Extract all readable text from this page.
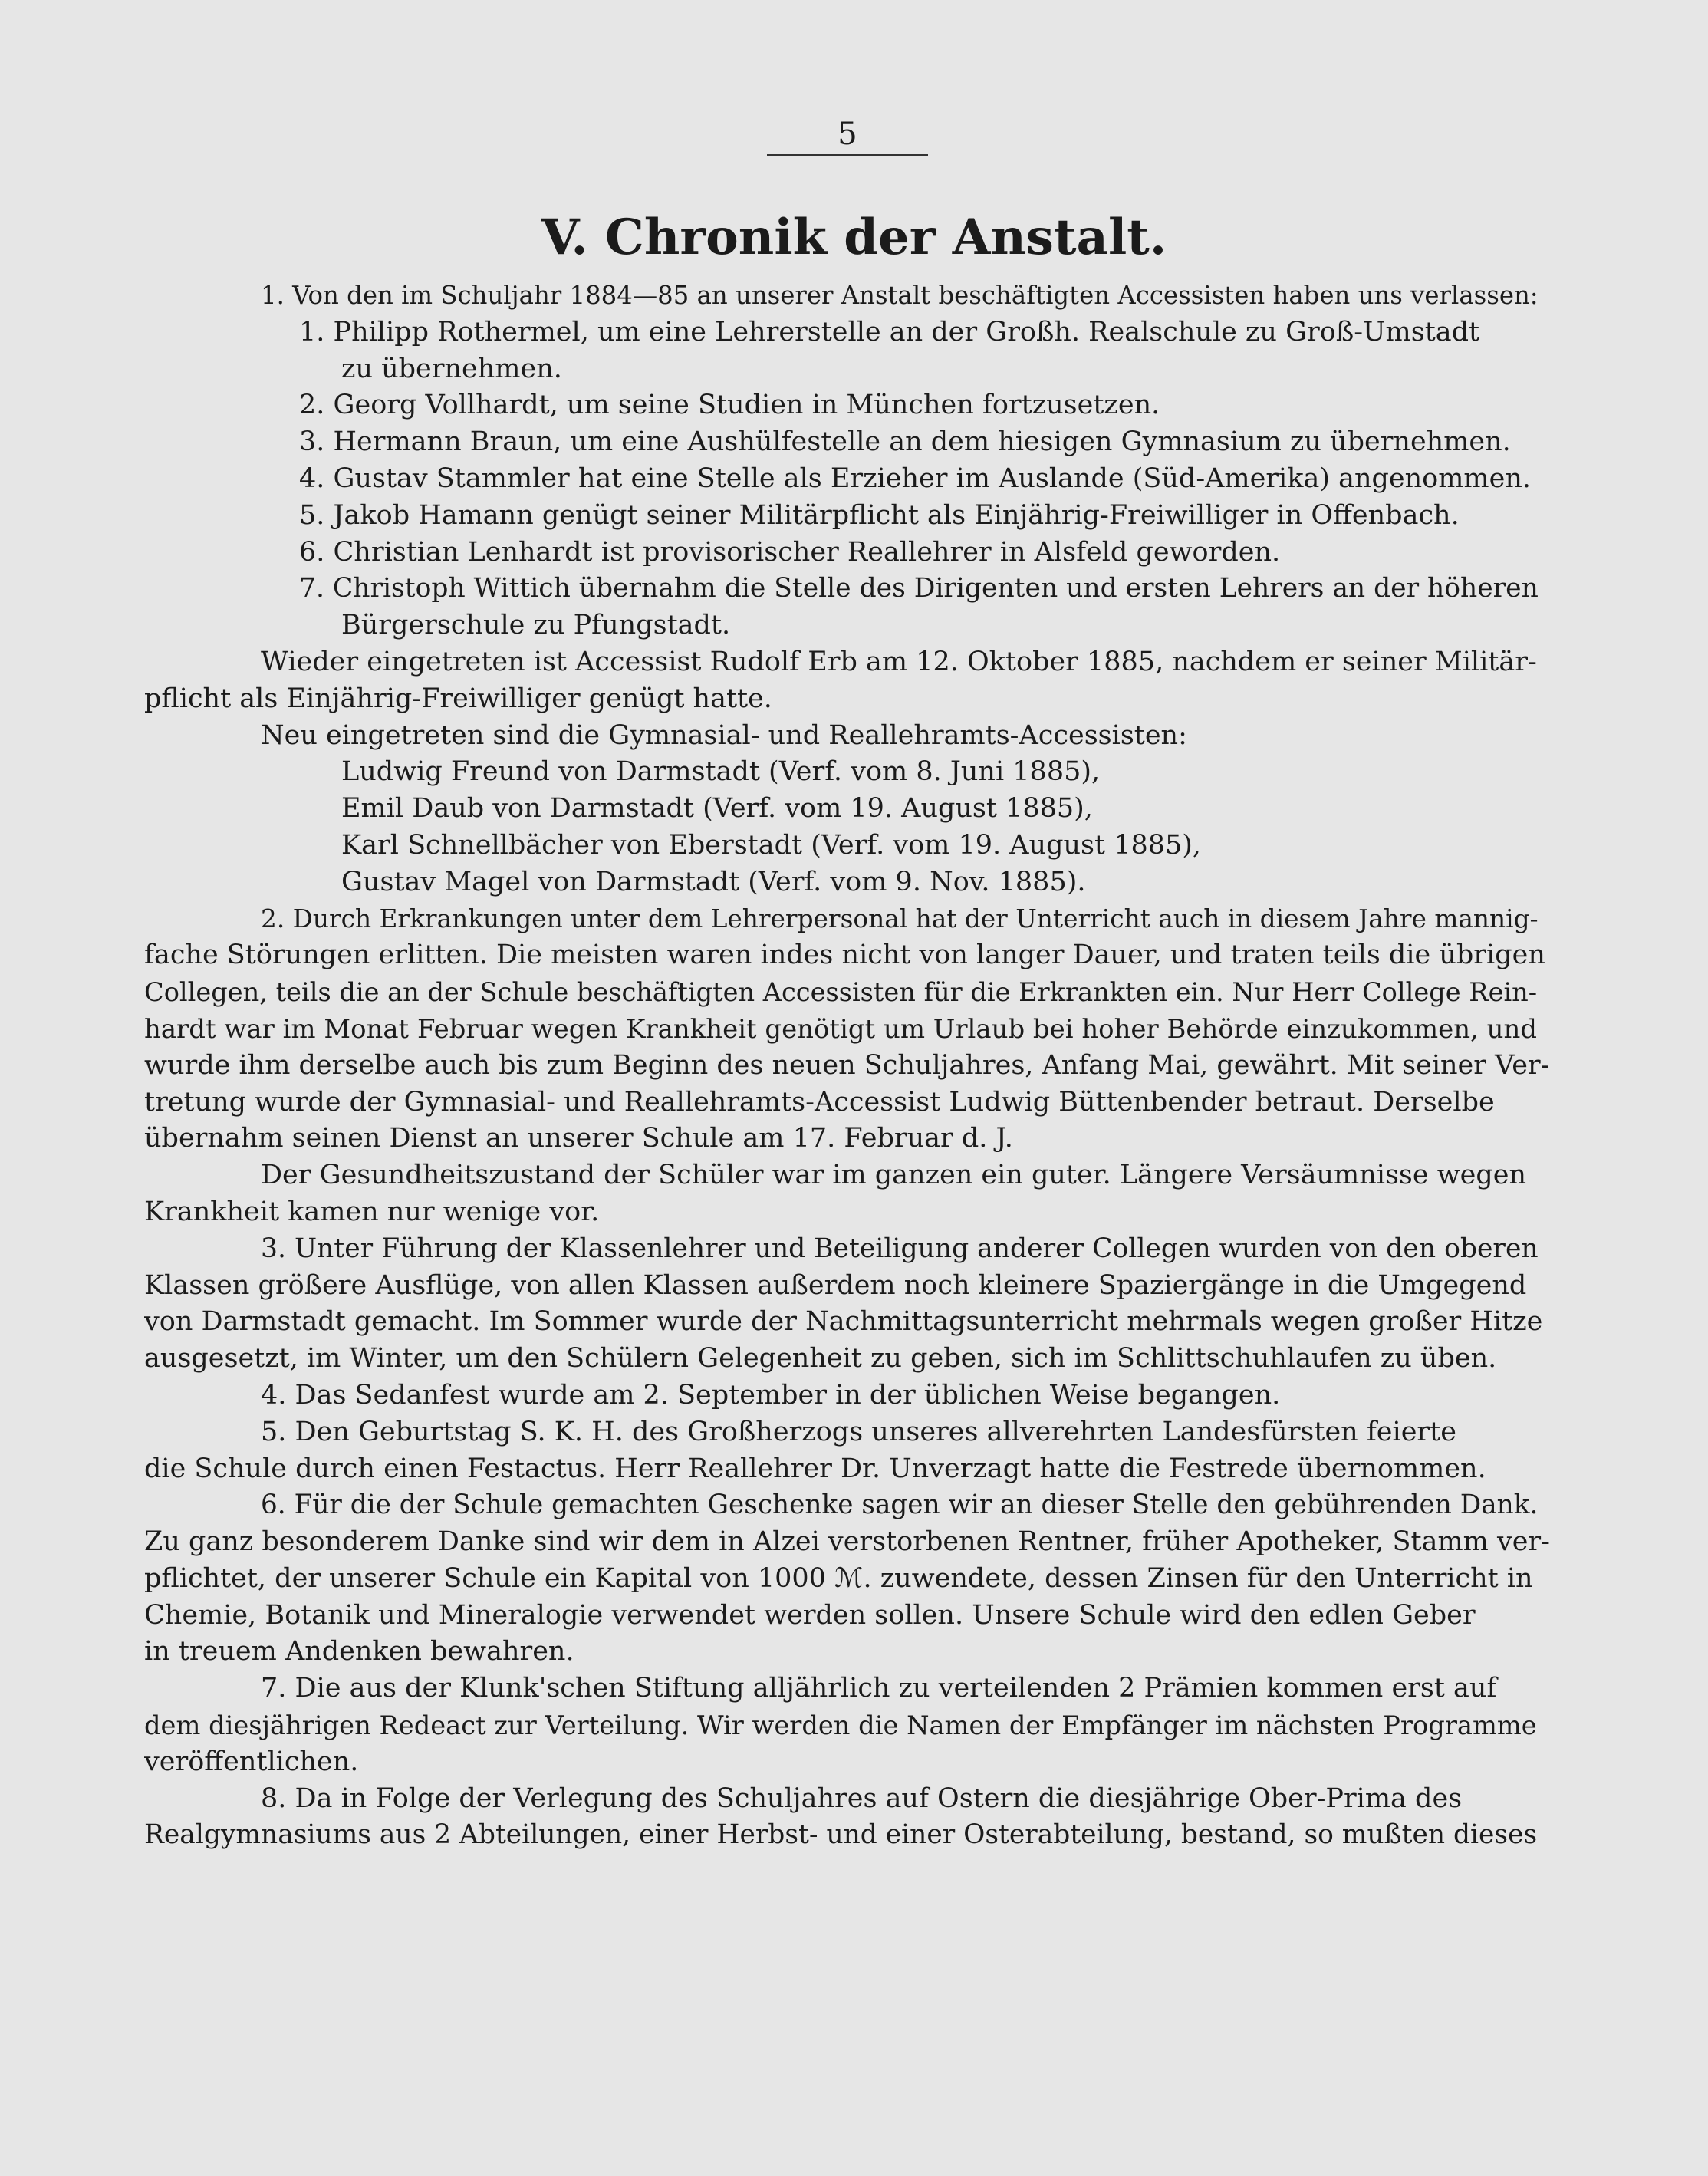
5
V. Chronik der Anstalt.
1. Von den im Schuljahr 1884—85 an unserer Anstalt beschäftigten Accessisten haben uns verlassen:
1. Philipp Rothermel, um eine Lehrerstelle an der Großh. Realschule zu Groß-Umstadt
zu übernehmen.
2. Georg Vollhardt, um seine Studien in München fortzusetzen.
3. Hermann Braun, um eine Aushülfestelle an dem hiesigen Gymnasium zu übernehmen.
4. Gustav Stammler hat eine Stelle als Erzieher im Auslande (Süd-Amerika) angenommen.
5. Jakob Hamann genügt seiner Militärpflicht als Einjährig-Freiwilliger in Offenbach.
6. Christian Lenhardt ist provisorischer Reallehrer in Alsfeld geworden.
7. Christoph Wittich übernahm die Stelle des Dirigenten und ersten Lehrers an der höheren
Bürgerschule zu Pfungstadt.
Wieder eingetreten ist Accessist Rudolf Erb am 12. Oktober 1885, nachdem er seiner Militär-
pflicht als Einjährig-Freiwilliger genügt hatte.
Neu eingetreten sind die Gymnasial- und Reallehramts-Accessisten:
Ludwig Freund von Darmstadt (Verf. vom 8. Juni 1885),
Emil Daub von Darmstadt (Verf. vom 19. August 1885),
Karl Schnellbächer von Eberstadt (Verf. vom 19. August 1885),
Gustav Magel von Darmstadt (Verf. vom 9. Nov. 1885).
2. Durch Erkrankungen unter dem Lehrerpersonal hat der Unterricht auch in diesem Jahre mannig-
fache Störungen erlitten. Die meisten waren indes nicht von langer Dauer, und traten teils die übrigen
Collegen, teils die an der Schule beschäftigten Accessisten für die Erkrankten ein. Nur Herr College Rein-
hardt war im Monat Februar wegen Krankheit genötigt um Urlaub bei hoher Behörde einzukommen, und
wurde ihm derselbe auch bis zum Beginn des neuen Schuljahres, Anfang Mai, gewährt. Mit seiner Ver-
tretung wurde der Gymnasial- und Reallehramts-Accessist Ludwig Büttenbender betraut. Derselbe
übernahm seinen Dienst an unserer Schule am 17. Februar d. J.
Der Gesundheitszustand der Schüler war im ganzen ein guter. Längere Versäumnisse wegen
Krankheit kamen nur wenige vor.
3. Unter Führung der Klassenlehrer und Beteiligung anderer Collegen wurden von den oberen
Klassen größere Ausflüge, von allen Klassen außerdem noch kleinere Spaziergänge in die Umgegend
von Darmstadt gemacht. Im Sommer wurde der Nachmittagsunterricht mehrmals wegen großer Hitze
ausgesetzt, im Winter, um den Schülern Gelegenheit zu geben, sich im Schlittschuhlaufen zu üben.
4. Das Sedanfest wurde am 2. September in der üblichen Weise begangen.
5. Den Geburtstag S. K. H. des Großherzogs unseres allverehrten Landesfürsten feierte
die Schule durch einen Festactus. Herr Reallehrer Dr. Unverzagt hatte die Festrede übernommen.
6. Für die der Schule gemachten Geschenke sagen wir an dieser Stelle den gebührenden Dank.
Zu ganz besonderem Danke sind wir dem in Alzei verstorbenen Rentner, früher Apotheker, Stamm ver-
pflichtet, der unserer Schule ein Kapital von 1000 ℳ. zuwendete, dessen Zinsen für den Unterricht in
Chemie, Botanik und Mineralogie verwendet werden sollen. Unsere Schule wird den edlen Geber
in treuem Andenken bewahren.
7. Die aus der Klunk'schen Stiftung alljährlich zu verteilenden 2 Prämien kommen erst auf
dem diesjährigen Redeact zur Verteilung. Wir werden die Namen der Empfänger im nächsten Programme
veröffentlichen.
8. Da in Folge der Verlegung des Schuljahres auf Ostern die diesjährige Ober-Prima des
Realgymnasiums aus 2 Abteilungen, einer Herbst- und einer Osterabteilung, bestand, so mußten dieses
